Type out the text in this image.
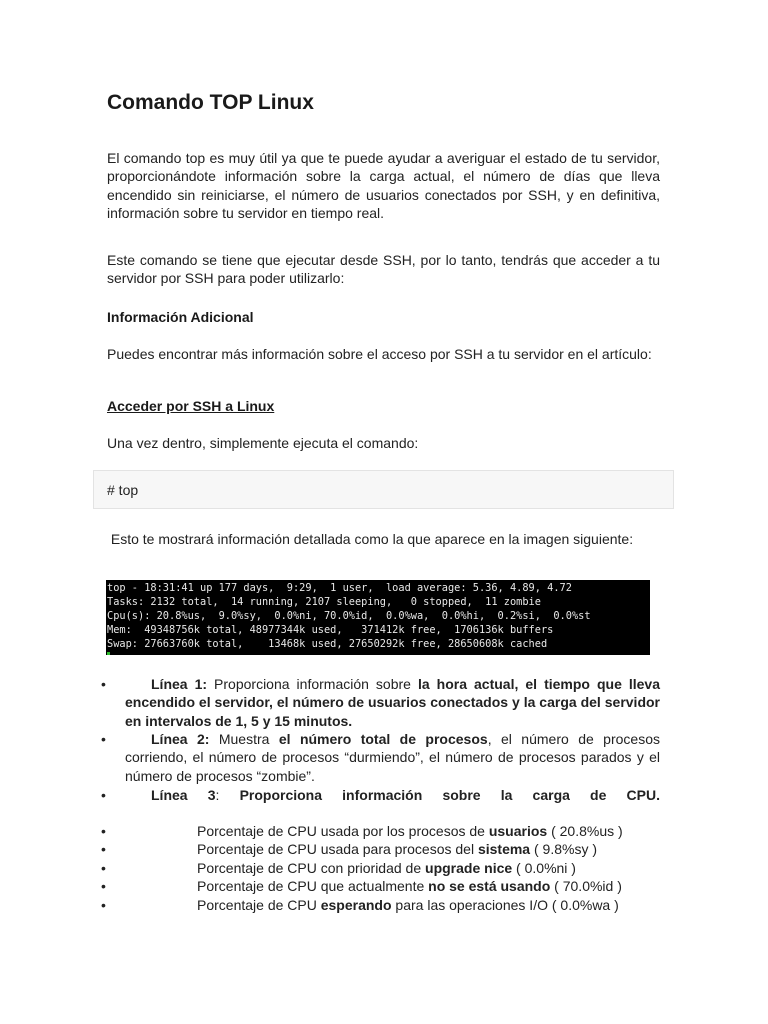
Comando TOP Linux

El comando top es muy útil ya que te puede ayudar a averiguar el estado de tu servidor, proporcionándote información sobre la carga actual, el número de días que lleva encendido sin reiniciarse, el número de usuarios conectados por SSH, y en definitiva, información sobre tu servidor en tiempo real.

Este comando se tiene que ejecutar desde SSH, por lo tanto, tendrás que acceder a tu servidor por SSH para poder utilizarlo:

Información Adicional

Puedes encontrar más información sobre el acceso por SSH a tu servidor en el artículo:

Acceder por SSH a Linux

Una vez dentro, simplemente ejecuta el comando:

# top

Esto te mostrará información detallada como la que aparece en la imagen siguiente:

top - 18:31:41 up 177 days,  9:29,  1 user,  load average: 5.36, 4.89, 4.72
Tasks: 2132 total,  14 running, 2107 sleeping,   0 stopped,  11 zombie
Cpu(s): 20.8%us,  9.0%sy,  0.0%ni, 70.0%id,  0.0%wa,  0.0%hi,  0.2%si,  0.0%st
Mem:  49348756k total, 48977344k used,   371412k free,  1706136k buffers
Swap: 27663760k total,    13468k used, 27650292k free, 28650608k cached
•	Línea 1: Proporciona información sobre la hora actual, el tiempo que lleva encendido el servidor, el número de usuarios conectados y la carga del servidor en intervalos de 1, 5 y 15 minutos.

•	Línea 2: Muestra el número total de procesos, el número de procesos corriendo, el número de procesos “durmiendo”, el número de procesos parados y el número de procesos “zombie”.

•	Línea 3: Proporciona información sobre la carga de CPU.

•	Porcentaje de CPU usada por los procesos de usuarios ( 20.8%us )
•	Porcentaje de CPU usada para procesos del sistema ( 9.8%sy )
•	Porcentaje de CPU con prioridad de upgrade nice ( 0.0%ni )
•	Porcentaje de CPU que actualmente no se está usando ( 70.0%id )
•	Porcentaje de CPU esperando para las operaciones I/O ( 0.0%wa )
